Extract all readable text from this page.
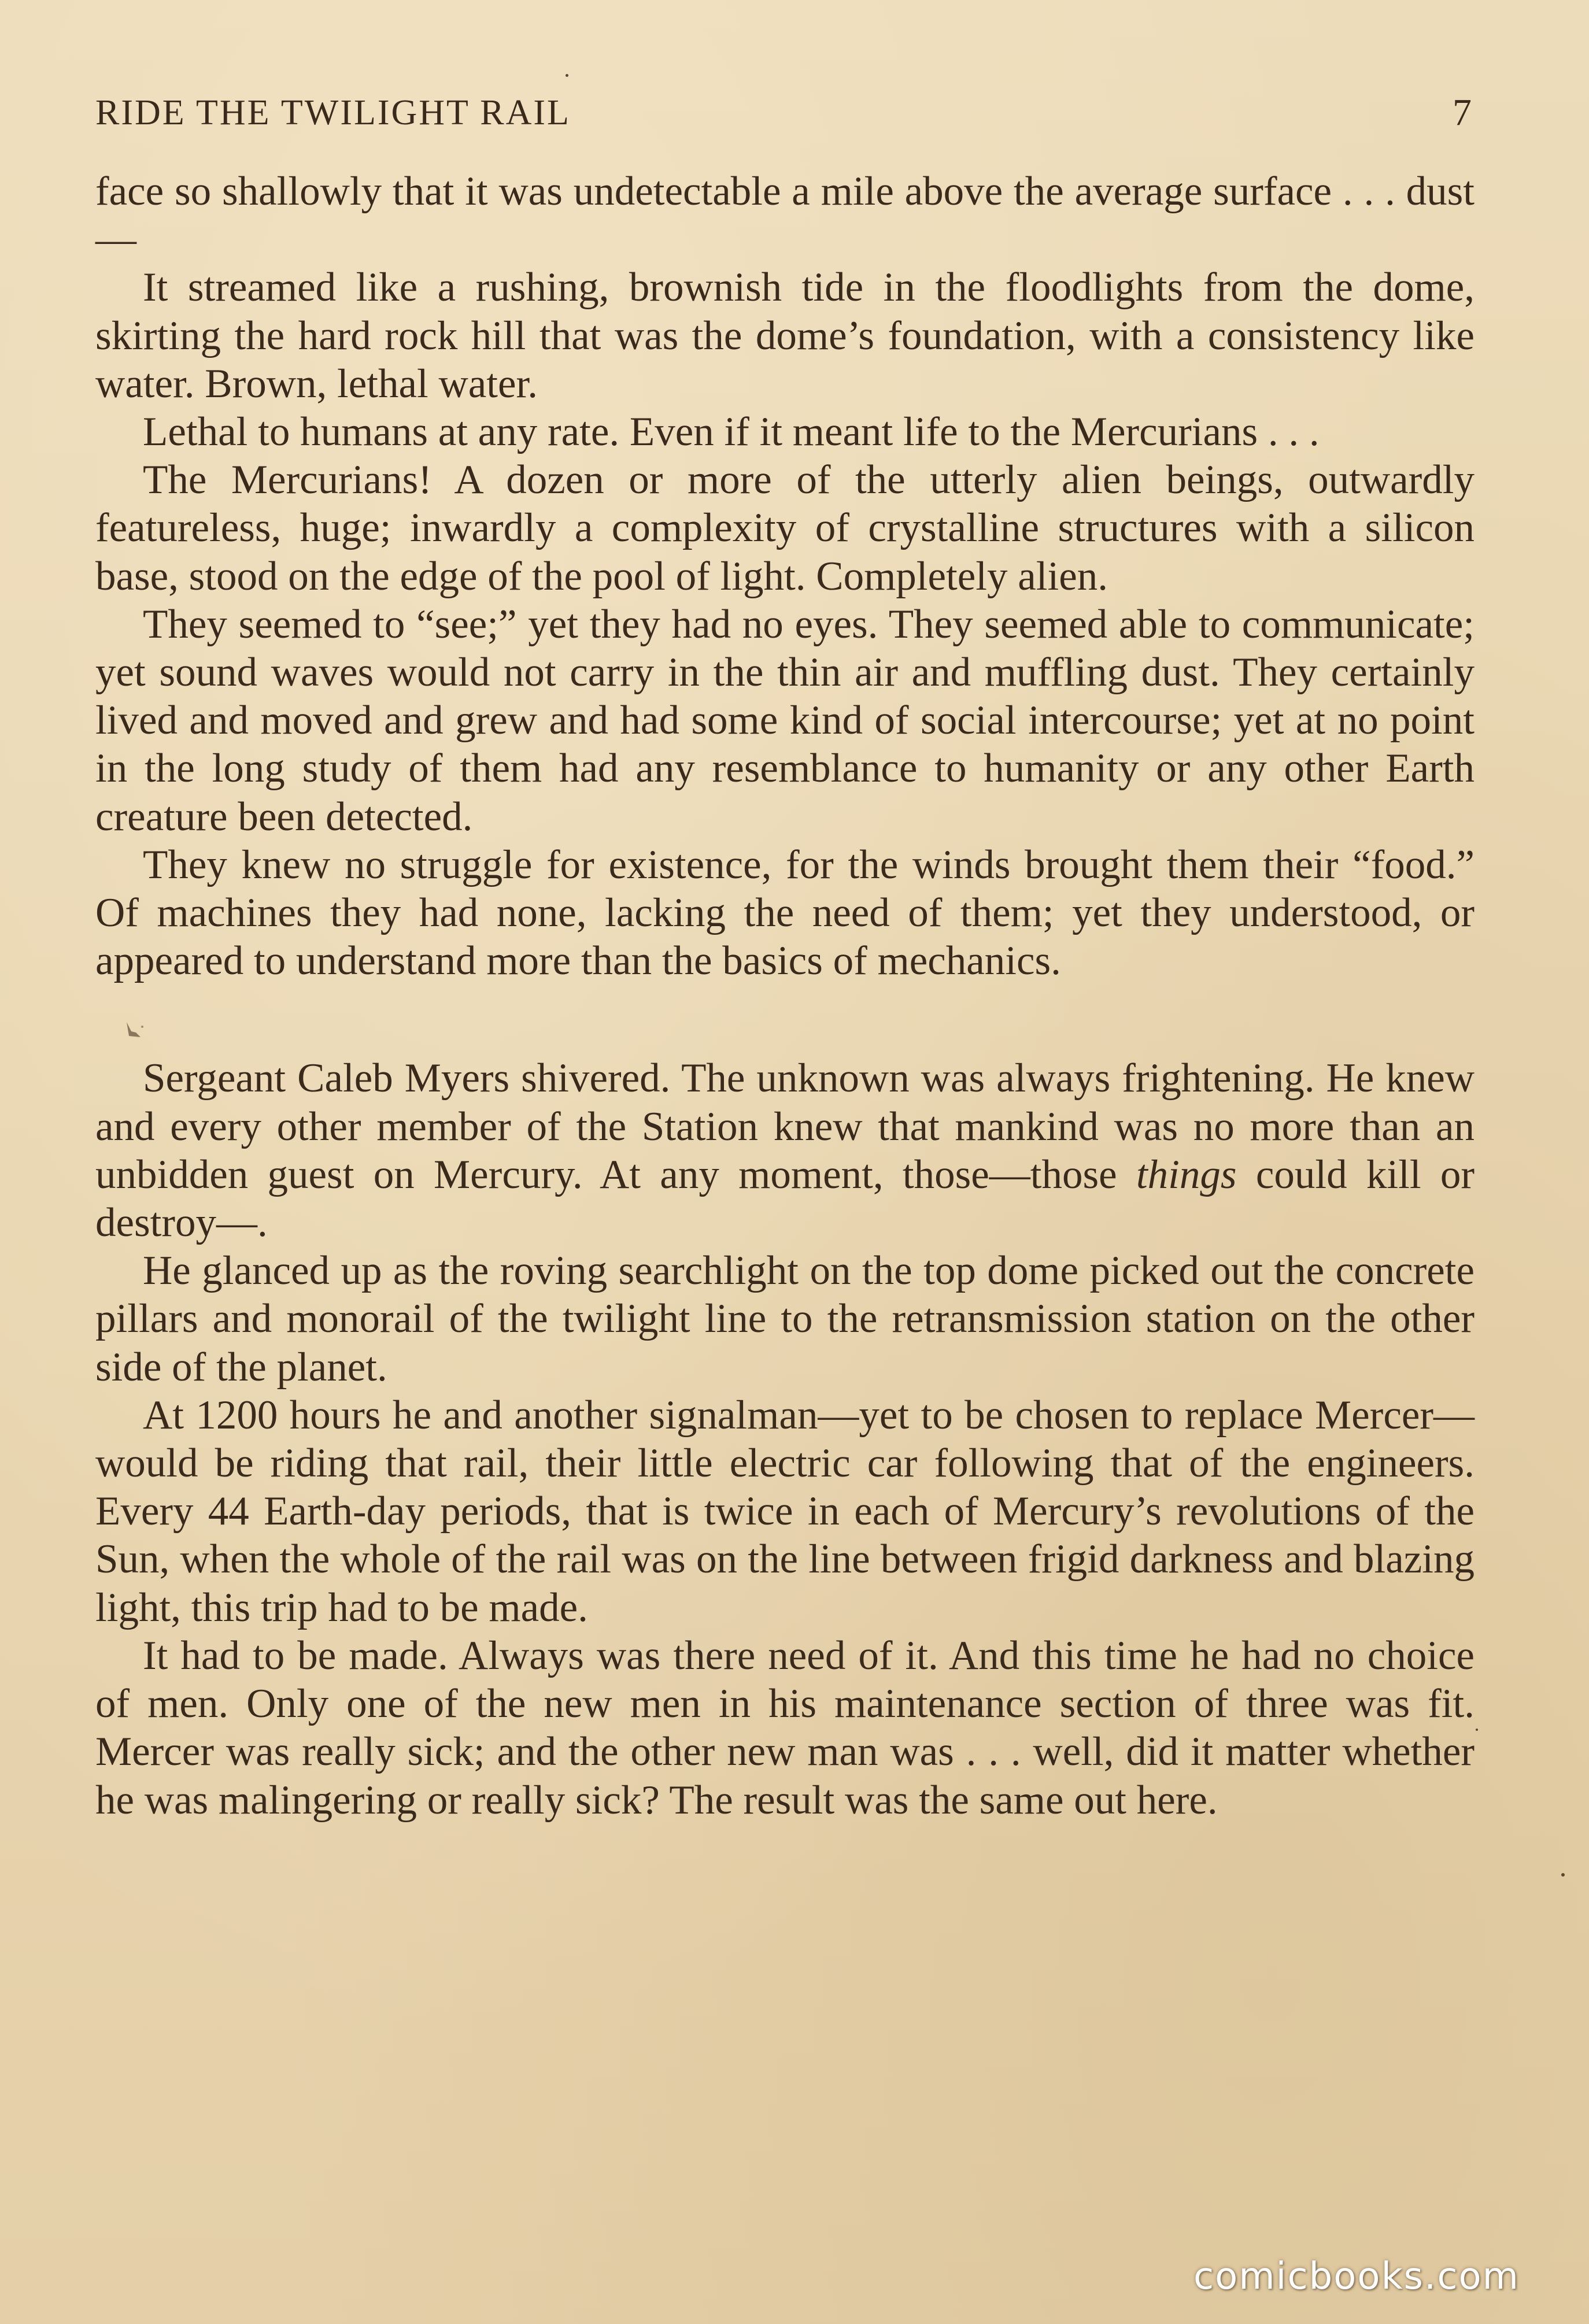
RIDE THE TWILIGHT RAIL	7

face so shallowly that it was undetectable a mile above the average surface . . . dust—

It streamed like a rushing, brownish tide in the floodlights from the dome, skirting the hard rock hill that was the dome’s foundation, with a consistency like water. Brown, lethal water.

Lethal to humans at any rate. Even if it meant life to the Mercurians . . .

The Mercurians! A dozen or more of the utterly alien beings, outwardly featureless, huge; inwardly a complexity of crystalline structures with a silicon base, stood on the edge of the pool of light. Completely alien.

They seemed to “see;” yet they had no eyes. They seemed able to communicate; yet sound waves would not carry in the thin air and muffling dust. They certainly lived and moved and grew and had some kind of social intercourse; yet at no point in the long study of them had any resemblance to humanity or any other Earth creature been detected.

They knew no struggle for existence, for the winds brought them their “food.” Of machines they had none, lacking the need of them; yet they understood, or appeared to understand more than the basics of mechanics.

Sergeant Caleb Myers shivered. The unknown was always frightening. He knew and every other member of the Station knew that mankind was no more than an unbidden guest on Mercury. At any moment, those—those things could kill or destroy—.

He glanced up as the roving searchlight on the top dome picked out the concrete pillars and monorail of the twilight line to the retransmission station on the other side of the planet.

At 1200 hours he and another signalman—yet to be chosen to replace Mercer—would be riding that rail, their little electric car following that of the engineers. Every 44 Earth-day periods, that is twice in each of Mercury’s revolutions of the Sun, when the whole of the rail was on the line between frigid darkness and blazing light, this trip had to be made.

It had to be made. Always was there need of it. And this time he had no choice of men. Only one of the new men in his maintenance section of three was fit. Mercer was really sick; and the other new man was . . . well, did it matter whether he was malingering or really sick? The result was the same out here.

comicbooks.com
